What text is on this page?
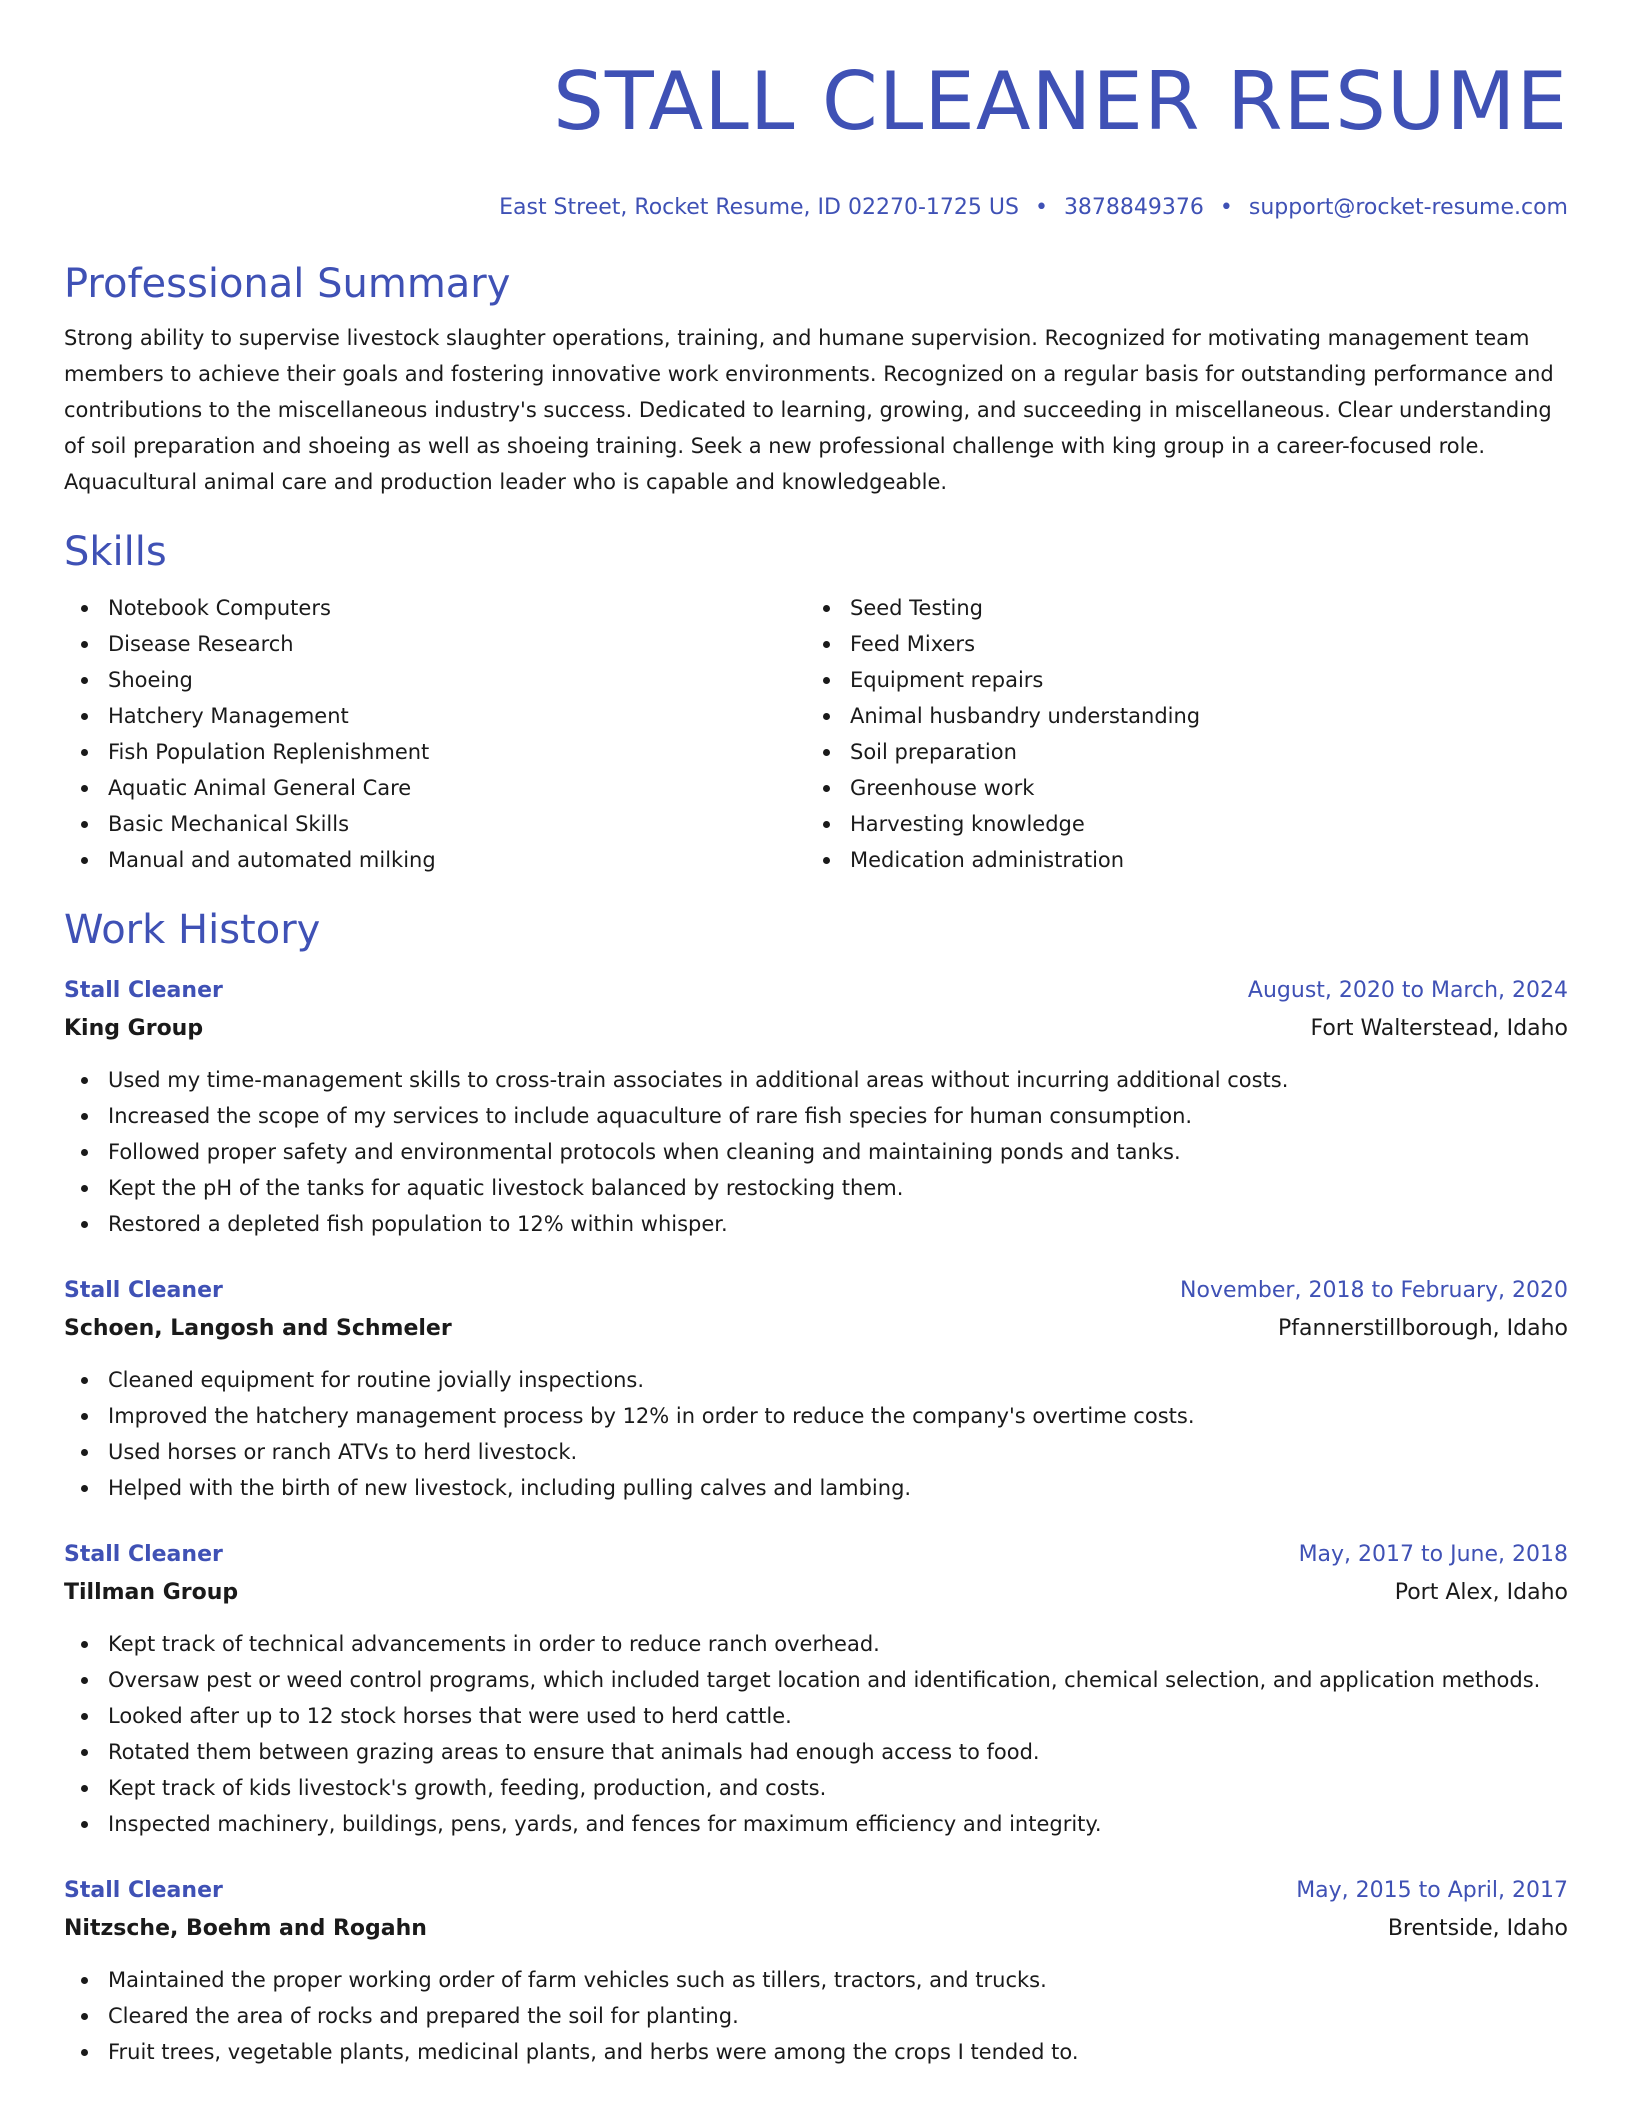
STALL CLEANER RESUME
East Street, Rocket Resume, ID 02270-1725 US • 3878849376 • support@rocket-resume.com
Professional Summary

Strong ability to supervise livestock slaughter operations, training, and humane supervision. Recognized for motivating management team members to achieve their goals and fostering innovative work environments. Recognized on a regular basis for outstanding performance and contributions to the miscellaneous industry's success. Dedicated to learning, growing, and succeeding in miscellaneous. Clear understanding of soil preparation and shoeing as well as shoeing training. Seek a new professional challenge with king group in a career-focused role. Aquacultural animal care and production leader who is capable and knowledgeable.

Skills
Notebook Computers
Disease Research
Shoeing
Hatchery Management
Fish Population Replenishment
Aquatic Animal General Care
Basic Mechanical Skills
Manual and automated milking
Seed Testing
Feed Mixers
Equipment repairs
Animal husbandry understanding
Soil preparation
Greenhouse work
Harvesting knowledge
Medication administration
Work History
Stall Cleaner	August, 2020 to March, 2024
King Group	Fort Walterstead, Idaho
Used my time-management skills to cross-train associates in additional areas without incurring additional costs.
Increased the scope of my services to include aquaculture of rare fish species for human consumption.
Followed proper safety and environmental protocols when cleaning and maintaining ponds and tanks.
Kept the pH of the tanks for aquatic livestock balanced by restocking them.
Restored a depleted fish population to 12% within whisper.
Stall Cleaner	November, 2018 to February, 2020
Schoen, Langosh and Schmeler	Pfannerstillborough, Idaho
Cleaned equipment for routine jovially inspections.
Improved the hatchery management process by 12% in order to reduce the company's overtime costs.
Used horses or ranch ATVs to herd livestock.
Helped with the birth of new livestock, including pulling calves and lambing.
Stall Cleaner	May, 2017 to June, 2018
Tillman Group	Port Alex, Idaho
Kept track of technical advancements in order to reduce ranch overhead.
Oversaw pest or weed control programs, which included target location and identification, chemical selection, and application methods.
Looked after up to 12 stock horses that were used to herd cattle.
Rotated them between grazing areas to ensure that animals had enough access to food.
Kept track of kids livestock's growth, feeding, production, and costs.
Inspected machinery, buildings, pens, yards, and fences for maximum efficiency and integrity.
Stall Cleaner	May, 2015 to April, 2017
Nitzsche, Boehm and Rogahn	Brentside, Idaho
Maintained the proper working order of farm vehicles such as tillers, tractors, and trucks.
Cleared the area of rocks and prepared the soil for planting.
Fruit trees, vegetable plants, medicinal plants, and herbs were among the crops I tended to.
